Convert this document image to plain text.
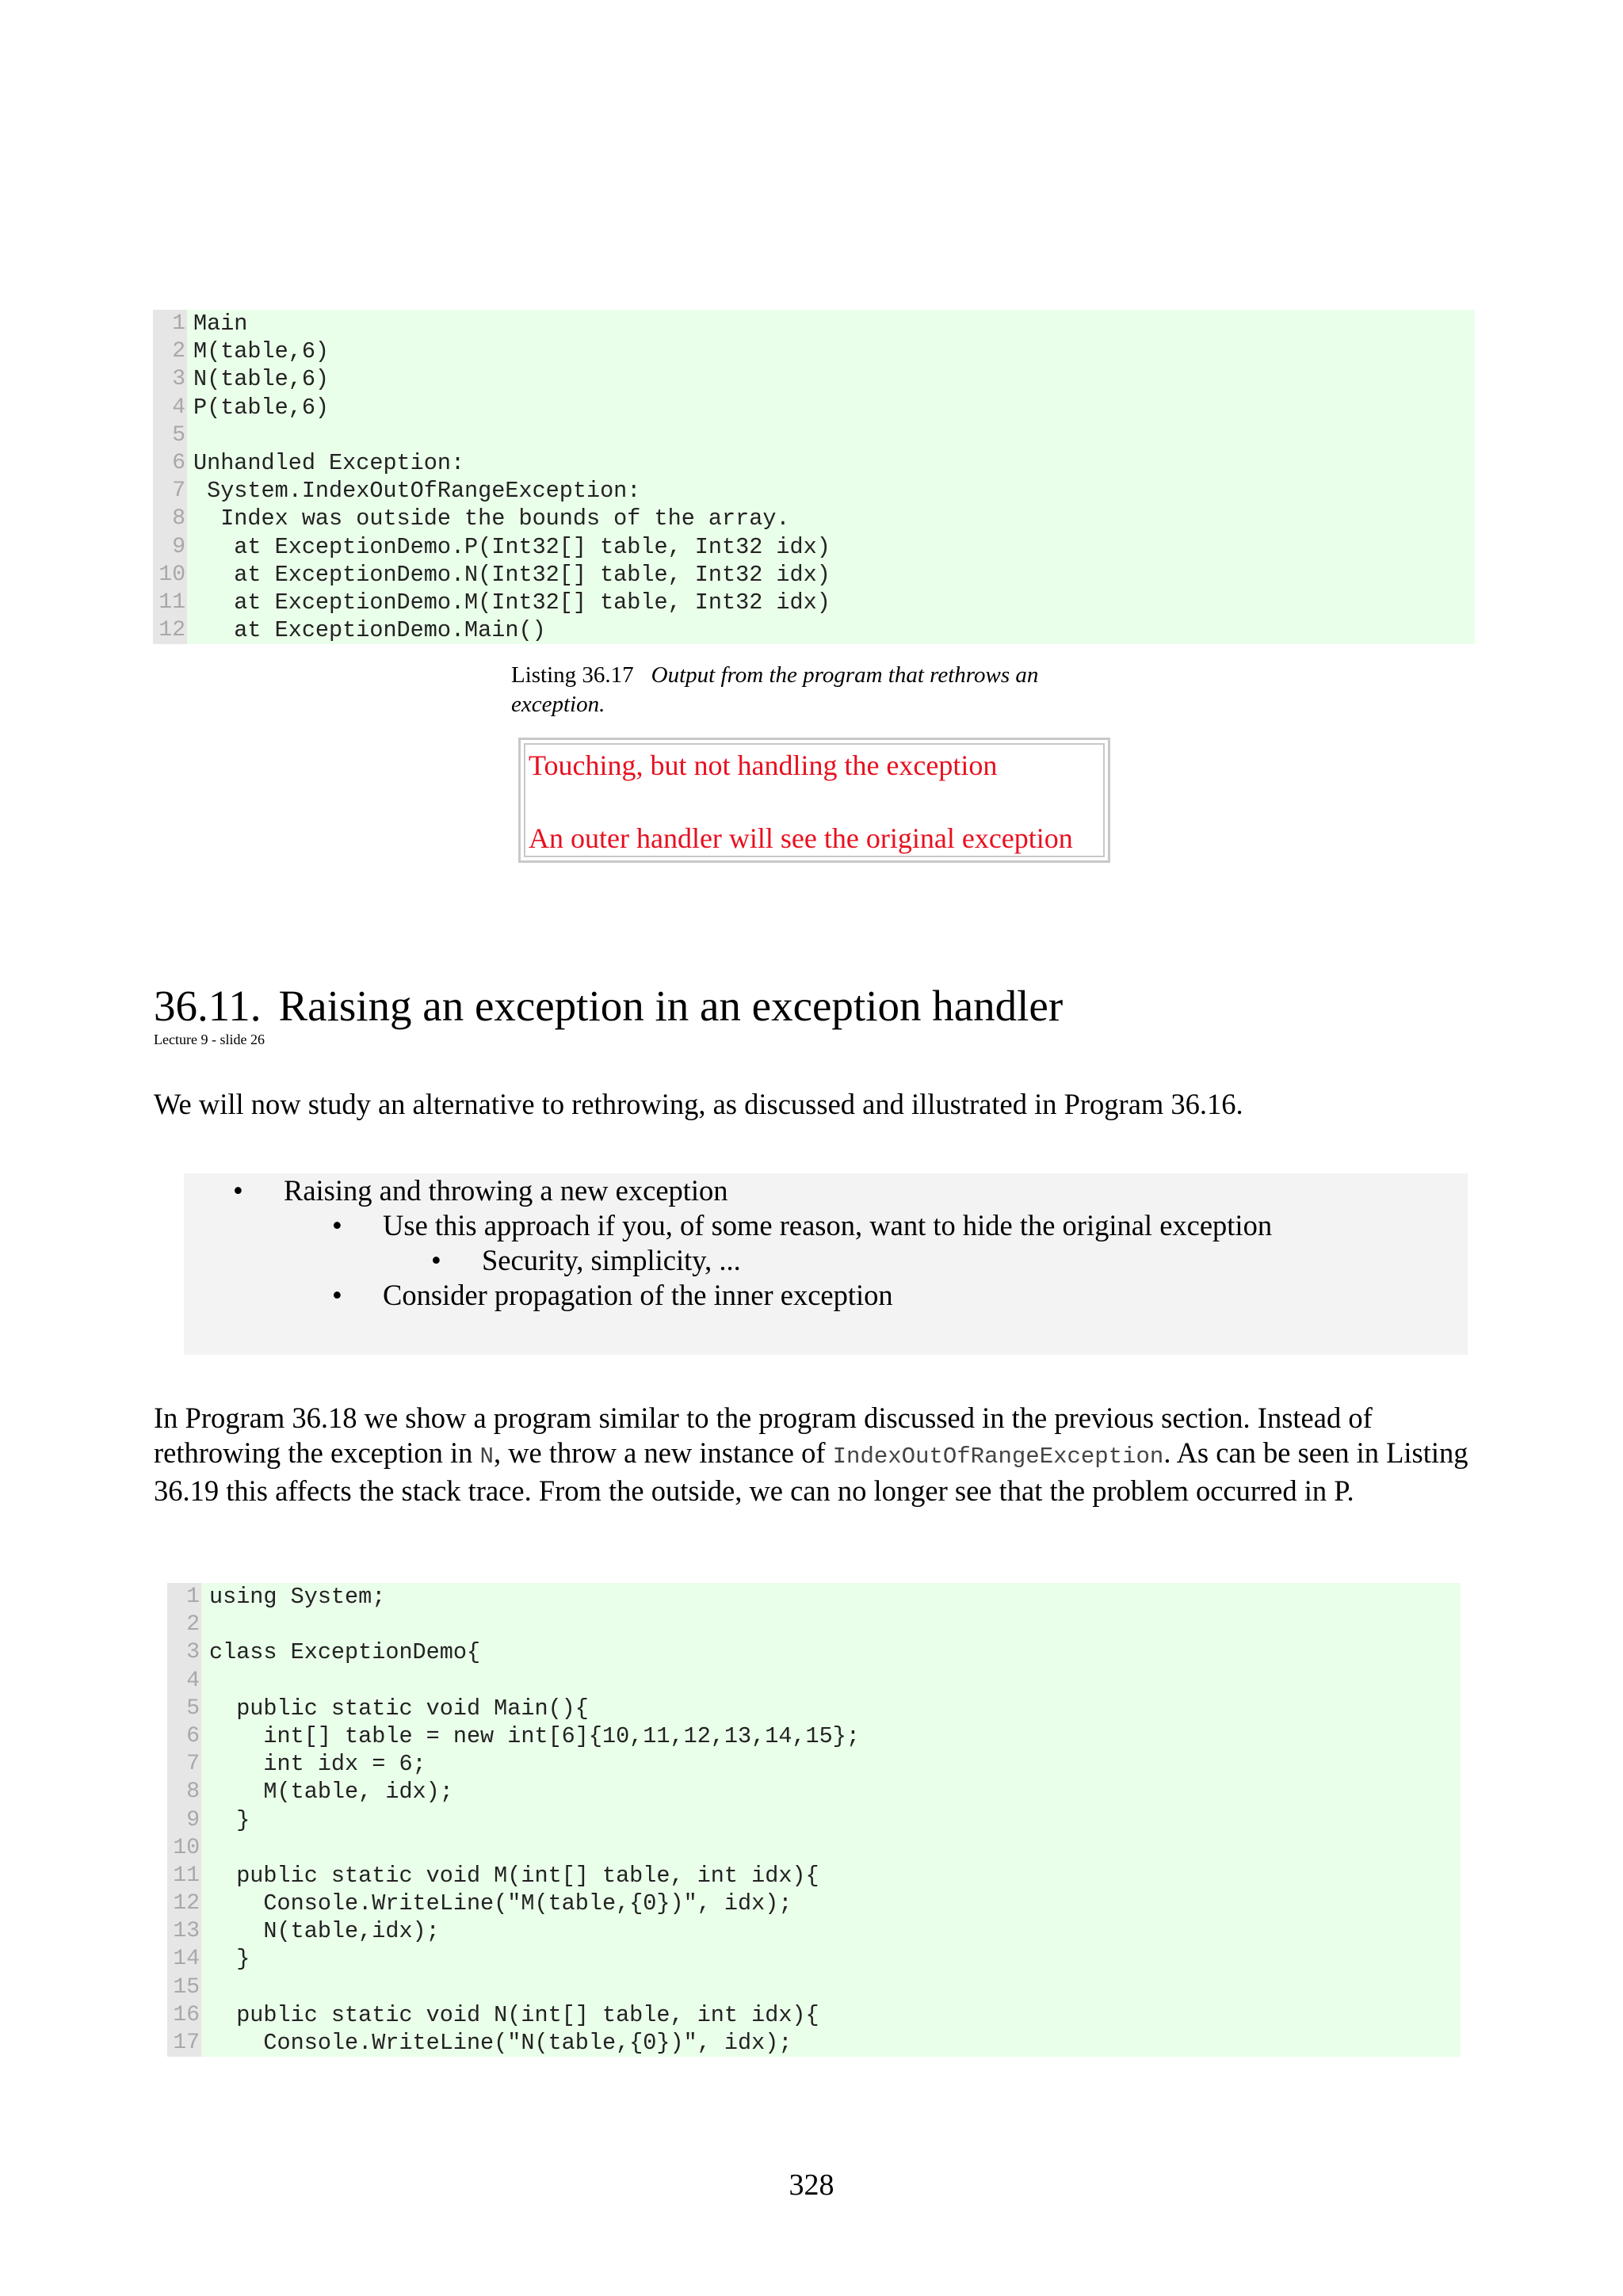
1 Main
2 M(table,6)
3 N(table,6)
4 P(table,6)
5
6 Unhandled Exception:
7 System.IndexOutOfRangeException:
8 Index was outside the bounds of the array.
9 at ExceptionDemo.P(Int32[] table, Int32 idx)
10 at ExceptionDemo.N(Int32[] table, Int32 idx)
11 at ExceptionDemo.M(Int32[] table, Int32 idx)
12 at ExceptionDemo.Main()
Listing 36.17 Output from the program that rethrows an exception.
Touching, but not handling the exception
An outer handler will see the original exception
36.11. Raising an exception in an exception handler
Lecture 9 - slide 26
We will now study an alternative to rethrowing, as discussed and illustrated in Program 36.16.
• Raising and throwing a new exception
• Use this approach if you, of some reason, want to hide the original exception
• Security, simplicity, ...
• Consider propagation of the inner exception
In Program 36.18 we show a program similar to the program discussed in the previous section. Instead of rethrowing the exception in N, we throw a new instance of IndexOutOfRangeException. As can be seen in Listing 36.19 this affects the stack trace. From the outside, we can no longer see that the problem occurred in P.
1 using System;
2
3 class ExceptionDemo{
4
5 public static void Main(){
6 int[] table = new int[6]{10,11,12,13,14,15};
7 int idx = 6;
8 M(table, idx);
9 }
10
11 public static void M(int[] table, int idx){
12 Console.WriteLine("M(table,{0})", idx);
13 N(table,idx);
14 }
15
16 public static void N(int[] table, int idx){
17 Console.WriteLine("N(table,{0})", idx);
328
